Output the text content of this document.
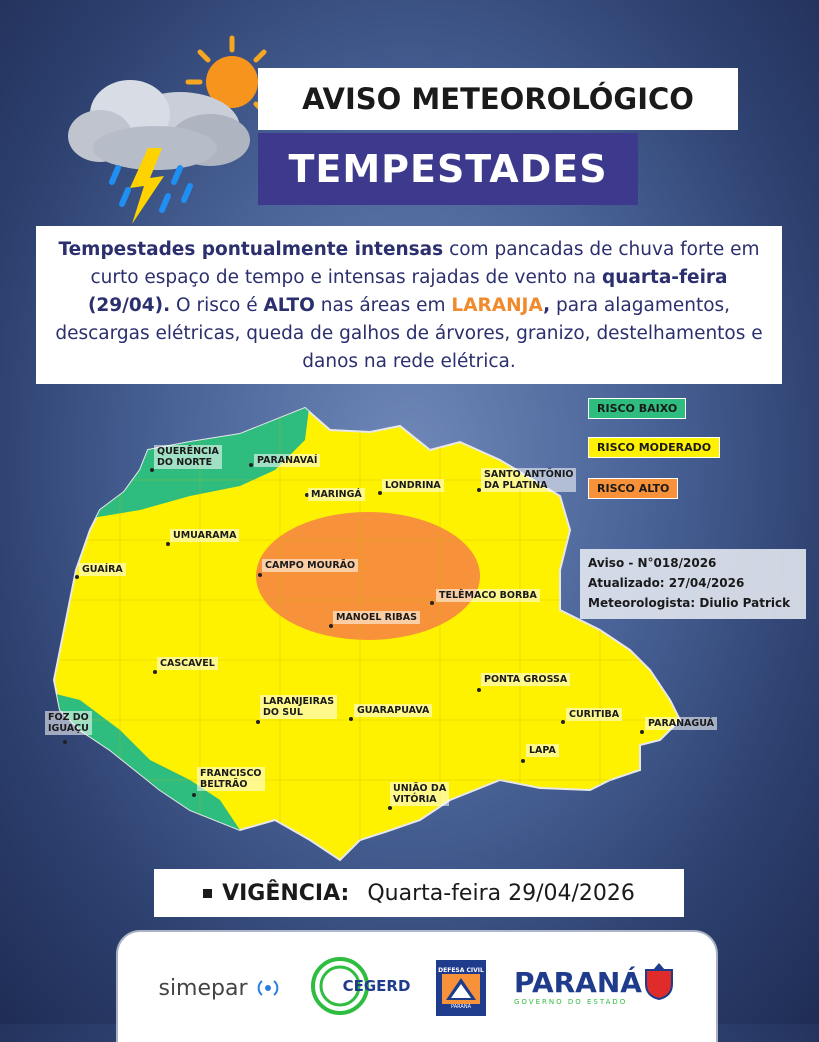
AVISO METEOROLÓGICO
TEMPESTADES
Tempestades pontualmente intensas com pancadas de chuva forte em curto espaço de tempo e intensas rajadas de vento na quarta-feira (29/04). O risco é ALTO nas áreas em LARANJA, para alagamentos, descargas elétricas, queda de galhos de árvores, granizo, destelhamentos e danos na rede elétrica.
RISCO BAIXO
RISCO MODERADO
RISCO ALTO
Aviso - N°018/2026
Atualizado: 27/04/2026
Meteorologista: Diulio Patrick
QUERÊNCIA
DO NORTE	PARANAVAÍ
MARINGÁ
LONDRINA
SANTO ANTÔNIO
DA PLATINA
UMUARAMA
GUAÍRA	CAMPO MOURÃO
TELÊMACO BORBA
MANOEL RIBAS
CASCAVEL
PONTA GROSSA
LARANJEIRAS
DO SUL	GUARAPUAVA	CURITIBA
PARANAGUÁ
FOZ DO
IGUAÇU
LAPA
FRANCISCO
BELTRÃO	UNIÃO DA
VITÓRIA
VIGÊNCIA: Quarta-feira 29/04/2026
simepar	CEGERD
DEFESA CIVIL
PARANÁ
PARANÁ
GOVERNO DO ESTADO
